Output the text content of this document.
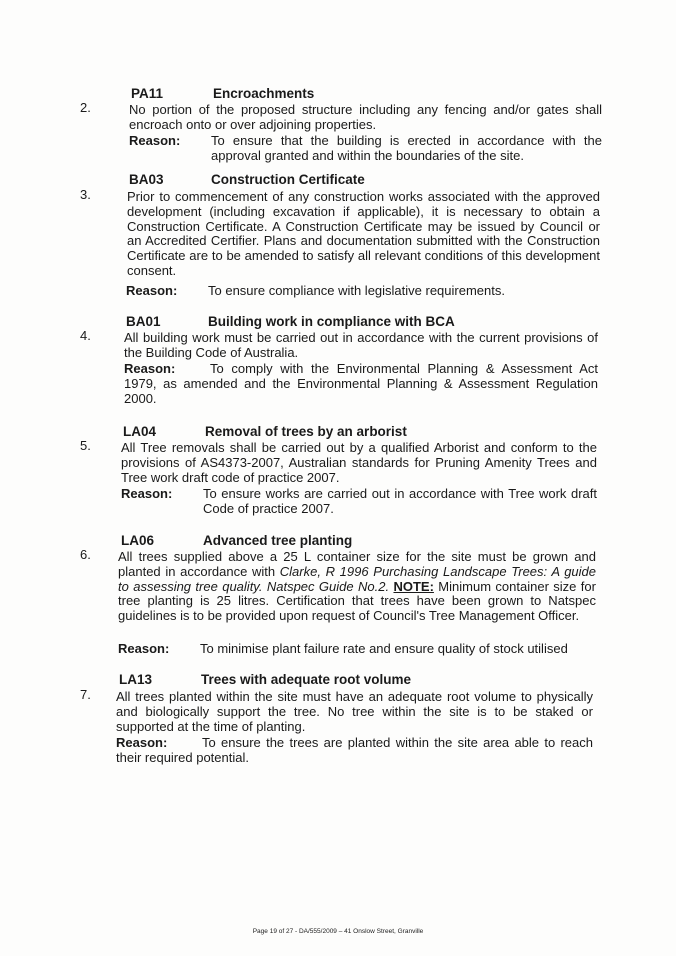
PA11	Encroachments
2.	No portion of the proposed structure including any fencing and/or gates shall encroach onto or over adjoining properties.
Reason: To ensure that the building is erected in accordance with the approval granted and within the boundaries of the site.
BA03	Construction Certificate
3.	Prior to commencement of any construction works associated with the approved development (including excavation if applicable), it is necessary to obtain a Construction Certificate. A Construction Certificate may be issued by Council or an Accredited Certifier. Plans and documentation submitted with the Construction Certificate are to be amended to satisfy all relevant conditions of this development consent.
Reason: To ensure compliance with legislative requirements.
BA01	Building work in compliance with BCA
4.	All building work must be carried out in accordance with the current provisions of the Building Code of Australia.
Reason:	To comply with the Environmental Planning & Assessment Act 1979, as amended and the Environmental Planning & Assessment Regulation 2000.
LA04	Removal of trees by an arborist
5. All Tree removals shall be carried out by a qualified Arborist and conform to the provisions of AS4373-2007, Australian standards for Pruning Amenity Trees and Tree work draft code of practice 2007.
Reason: To ensure works are carried out in accordance with Tree work draft Code of practice 2007.
LA06	Advanced tree planting
6. All trees supplied above a 25 L container size for the site must be grown and planted in accordance with Clarke, R 1996 Purchasing Landscape Trees: A guide to assessing tree quality. Natspec Guide No.2. NOTE: Minimum container size for tree planting is 25 litres. Certification that trees have been grown to Natspec guidelines is to be provided upon request of Council's Tree Management Officer.
Reason: To minimise plant failure rate and ensure quality of stock utilised
LA13	Trees with adequate root volume
7. All trees planted within the site must have an adequate root volume to physically and biologically support the tree. No tree within the site is to be staked or supported at the time of planting.
Reason:	To ensure the trees are planted within the site area able to reach their required potential.
Page 19 of 27 - DA/555/2009 – 41 Onslow Street, Granville
